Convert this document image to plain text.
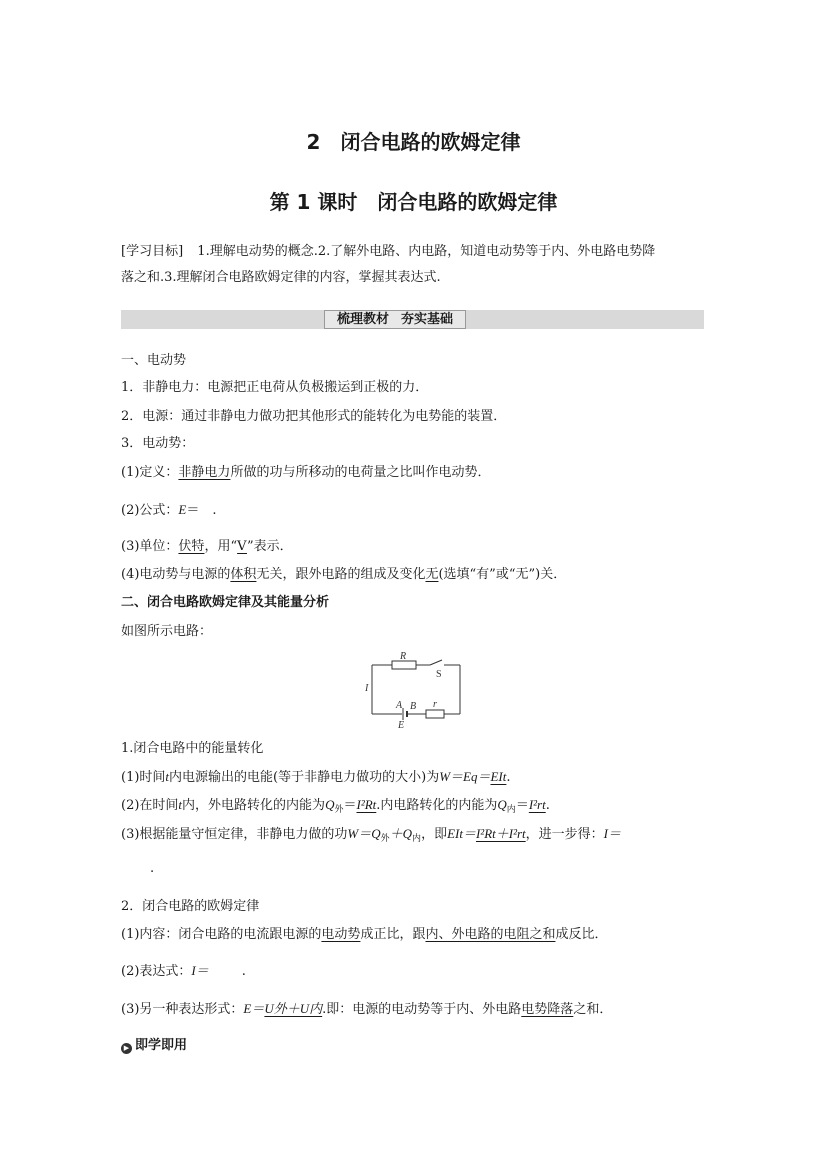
2　闭合电路的欧姆定律
第 1 课时　闭合电路的欧姆定律
[学习目标] 1.理解电动势的概念.2.了解外电路、内电路，知道电动势等于内、外电路电势降
落之和.3.理解闭合电路欧姆定律的内容，掌握其表达式.
梳理教材 夯实基础
一、电动势
1．非静电力：电源把正电荷从负极搬运到正极的力．
2．电源：通过非静电力做功把其他形式的能转化为电势能的装置．
3．电动势：
(1)定义：非静电力所做的功与所移动的电荷量之比叫作电动势．
(2)公式：E＝　.
(3)单位：伏特，用“V”表示．
(4)电动势与电源的体积无关，跟外电路的组成及变化无(选填“有”或“无”)关．
二、闭合电路欧姆定律及其能量分析
如图所示电路：
R
S
I
A B r
E
1.闭合电路中的能量转化
(1)时间t内电源输出的电能(等于非静电力做功的大小)为W＝Eq＝EIt.
(2)在时间t内，外电路转化的内能为$Q_外=I^2Rt$.内电路转化的内能为$Q_内=I^2rt$.
(3)根据能量守恒定律，非静电力做的功$W=Q_外+Q_内$，即EIt＝I²Rt＋I²rt，进一步得：I＝
.
2．闭合电路的欧姆定律
(1)内容：闭合电路的电流跟电源的电动势成正比，跟内、外电路的电阻之和成反比．
(2)表达式：I＝　.
(3)另一种表达形式：E＝U外＋U内.即：电源的电动势等于内、外电路电势降落之和．
▶ 即学即用
